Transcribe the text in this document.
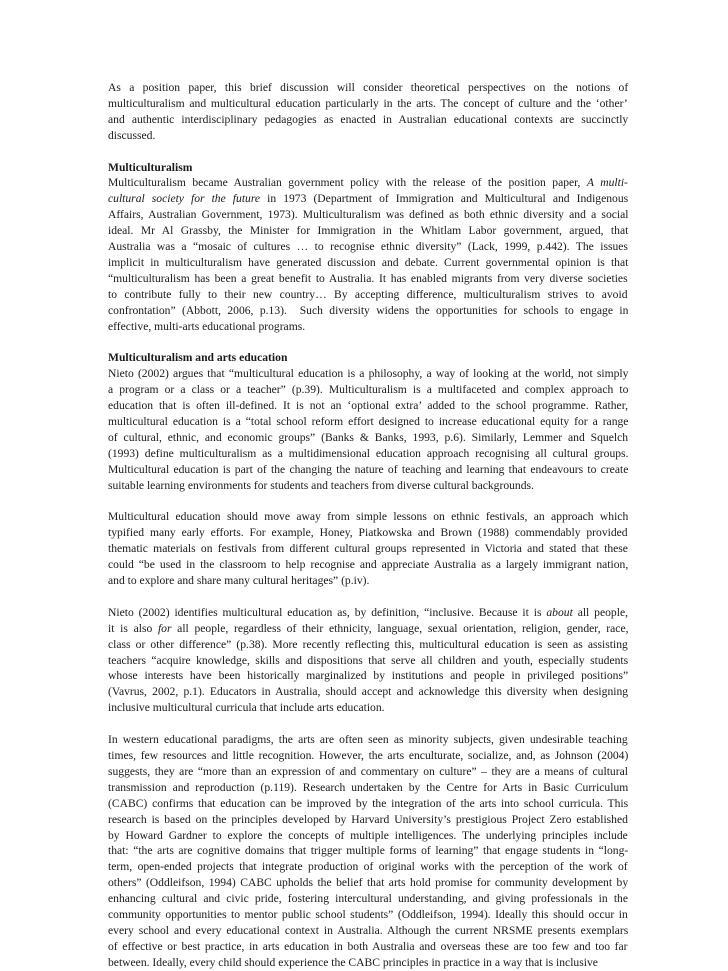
As a position paper, this brief discussion will consider theoretical perspectives on the notions of
multiculturalism and multicultural education particularly in the arts. The concept of culture and the ‘other’
and authentic interdisciplinary pedagogies as enacted in Australian educational contexts are succinctly
discussed.
Multiculturalism
Multiculturalism became Australian government policy with the release of the position paper, A multi-
cultural society for the future in 1973 (Department of Immigration and Multicultural and Indigenous
Affairs, Australian Government, 1973). Multiculturalism was defined as both ethnic diversity and a social
ideal. Mr Al Grassby, the Minister for Immigration in the Whitlam Labor government, argued, that
Australia was a “mosaic of cultures … to recognise ethnic diversity” (Lack, 1999, p.442). The issues
implicit in multiculturalism have generated discussion and debate. Current governmental opinion is that
“multiculturalism has been a great benefit to Australia. It has enabled migrants from very diverse societies
to contribute fully to their new country… By accepting difference, multiculturalism strives to avoid
confrontation” (Abbott, 2006, p.13).  Such diversity widens the opportunities for schools to engage in
effective, multi-arts educational programs.
Multiculturalism and arts education
Nieto (2002) argues that “multicultural education is a philosophy, a way of looking at the world, not simply
a program or a class or a teacher” (p.39). Multiculturalism is a multifaceted and complex approach to
education that is often ill-defined. It is not an ‘optional extra’ added to the school programme. Rather,
multicultural education is a “total school reform effort designed to increase educational equity for a range
of cultural, ethnic, and economic groups” (Banks & Banks, 1993, p.6). Similarly, Lemmer and Squelch
(1993) define multiculturalism as a multidimensional education approach recognising all cultural groups.
Multicultural education is part of the changing the nature of teaching and learning that endeavours to create
suitable learning environments for students and teachers from diverse cultural backgrounds.
Multicultural education should move away from simple lessons on ethnic festivals, an approach which
typified many early efforts. For example, Honey, Piatkowska and Brown (1988) commendably provided
thematic materials on festivals from different cultural groups represented in Victoria and stated that these
could “be used in the classroom to help recognise and appreciate Australia as a largely immigrant nation,
and to explore and share many cultural heritages” (p.iv).
Nieto (2002) identifies multicultural education as, by definition, “inclusive. Because it is about all people,
it is also for all people, regardless of their ethnicity, language, sexual orientation, religion, gender, race,
class or other difference” (p.38). More recently reflecting this, multicultural education is seen as assisting
teachers “acquire knowledge, skills and dispositions that serve all children and youth, especially students
whose interests have been historically marginalized by institutions and people in privileged positions”
(Vavrus, 2002, p.1). Educators in Australia, should accept and acknowledge this diversity when designing
inclusive multicultural curricula that include arts education.
In western educational paradigms, the arts are often seen as minority subjects, given undesirable teaching
times, few resources and little recognition. However, the arts enculturate, socialize, and, as Johnson (2004)
suggests, they are “more than an expression of and commentary on culture” – they are a means of cultural
transmission and reproduction (p.119). Research undertaken by the Centre for Arts in Basic Curriculum
(CABC) confirms that education can be improved by the integration of the arts into school curricula. This
research is based on the principles developed by Harvard University’s prestigious Project Zero established
by Howard Gardner to explore the concepts of multiple intelligences. The underlying principles include
that: “the arts are cognitive domains that trigger multiple forms of learning” that engage students in “long-
term, open-ended projects that integrate production of original works with the perception of the work of
others” (Oddleifson, 1994) CABC upholds the belief that arts hold promise for community development by
enhancing cultural and civic pride, fostering intercultural understanding, and giving professionals in the
community opportunities to mentor public school students” (Oddleifson, 1994). Ideally this should occur in
every school and every educational context in Australia. Although the current NRSME presents exemplars
of effective or best practice, in arts education in both Australia and overseas these are too few and too far
between. Ideally, every child should experience the CABC principles in practice in a way that is inclusive
